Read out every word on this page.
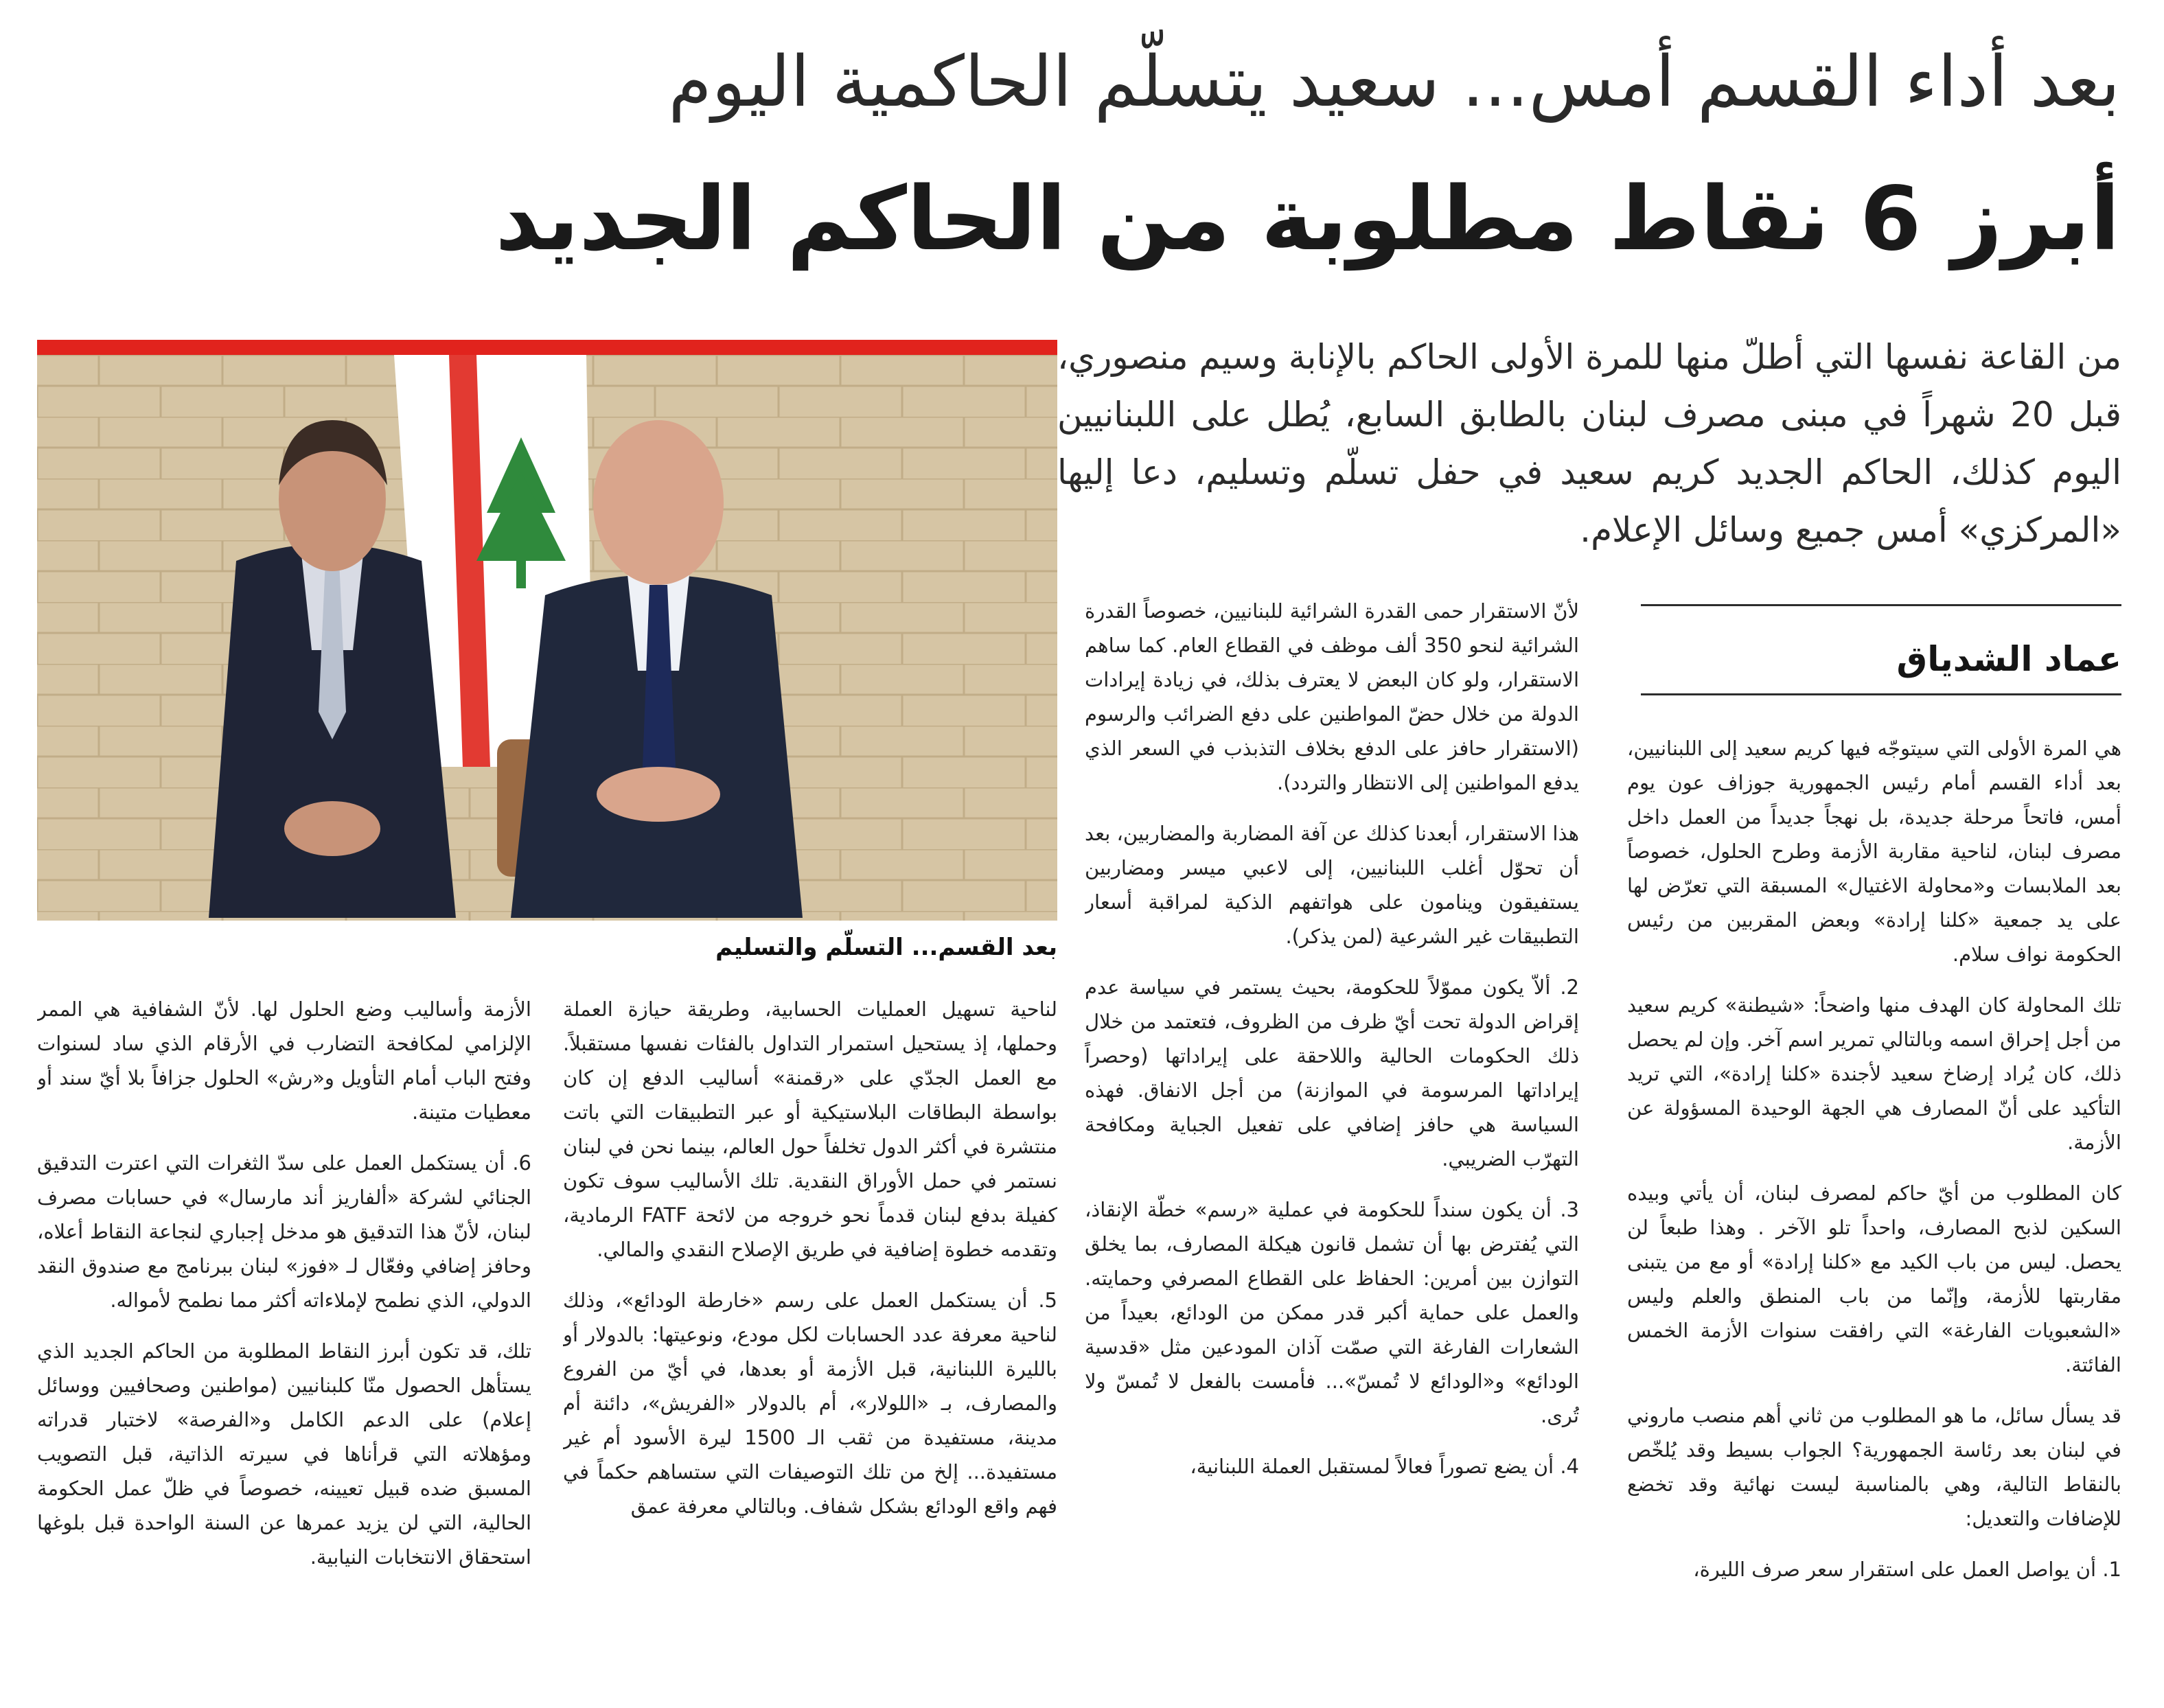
بعد أداء القسم أمس... سعيد يتسلّم الحاكمية اليوم
أبرز 6 نقاط مطلوبة من الحاكم الجديد
من القاعة نفسها التي أطلّ منها للمرة الأولى الحاكم بالإنابة وسيم منصوري، قبل 20 شهراً في مبنى مصرف لبنان بالطابق السابع، يُطل على اللبنانيين اليوم كذلك، الحاكم الجديد كريم سعيد في حفل تسلّم وتسليم، دعا إليها «المركزي» أمس جميع وسائل الإعلام.
بعد القسم... التسلّم والتسليم
عماد الشدياق

هي المرة الأولى التي سيتوجّه فيها كريم سعيد إلى اللبنانيين، بعد أداء القسم أمام رئيس الجمهورية جوزاف عون يوم أمس، فاتحاً مرحلة جديدة، بل نهجاً جديداً من العمل داخل مصرف لبنان، لناحية مقاربة الأزمة وطرح الحلول، خصوصاً بعد الملابسات و«محاولة الاغتيال» المسبقة التي تعرّض لها على يد جمعية «كلنا إرادة» وبعض المقربين من رئيس الحكومة نواف سلام.

تلك المحاولة كان الهدف منها واضحاً: «شيطنة» كريم سعيد من أجل إحراق اسمه وبالتالي تمرير اسم آخر. وإن لم يحصل ذلك، كان يُراد إرضاخ سعيد لأجندة «كلنا إرادة»، التي تريد التأكيد على أنّ المصارف هي الجهة الوحيدة المسؤولة عن الأزمة.

كان المطلوب من أيّ حاكم لمصرف لبنان، أن يأتي وبيده السكين لذبح المصارف، واحداً تلو الآخر . وهذا طبعاً لن يحصل. ليس من باب الكيد مع «كلنا إرادة» أو مع من يتبنى مقاربتها للأزمة، وإنّما من باب المنطق والعلم وليس «الشعبويات الفارغة» التي رافقت سنوات الأزمة الخمس الفائتة.

قد يسأل سائل، ما هو المطلوب من ثاني أهم منصب ماروني في لبنان بعد رئاسة الجمهورية؟ الجواب بسيط وقد يُلخّص بالنقاط التالية، وهي بالمناسبة ليست نهائية وقد تخضع للإضافات والتعديل:

1. أن يواصل العمل على استقرار سعر صرف الليرة،

لأنّ الاستقرار حمى القدرة الشرائية للبنانيين، خصوصاً القدرة الشرائية لنحو 350 ألف موظف في القطاع العام. كما ساهم الاستقرار، ولو كان البعض لا يعترف بذلك، في زيادة إيرادات الدولة من خلال حضّ المواطنين على دفع الضرائب والرسوم (الاستقرار حافز على الدفع بخلاف التذبذب في السعر الذي يدفع المواطنين إلى الانتظار والتردد).

هذا الاستقرار، أبعدنا كذلك عن آفة المضاربة والمضاربين، بعد أن تحوّل أغلب اللبنانيين، إلى لاعبي ميسر ومضاربين يستفيقون وينامون على هواتفهم الذكية لمراقبة أسعار التطبيقات غير الشرعية (لمن يذكر).

2. ألاّ يكون مموّلاً للحكومة، بحيث يستمر في سياسة عدم إقراض الدولة تحت أيّ ظرف من الظروف، فتعتمد من خلال ذلك الحكومات الحالية واللاحقة على إيراداتها (وحصراً إيراداتها المرسومة في الموازنة) من أجل الانفاق. فهذه السياسة هي حافز إضافي على تفعيل الجباية ومكافحة التهرّب الضريبي.

3. أن يكون سنداً للحكومة في عملية «رسم» خطّة الإنقاذ، التي يُفترض بها أن تشمل قانون هيكلة المصارف، بما يخلق التوازن بين أمرين: الحفاظ على القطاع المصرفي وحمايته. والعمل على حماية أكبر قدر ممكن من الودائع، بعيداً من الشعارات الفارغة التي صمّت آذان المودعين مثل «قدسية الودائع» و«الودائع لا تُمسّ»... فأمست بالفعل لا تُمسّ ولا تُرى.

4. أن يضع تصوراً فعالاً لمستقبل العملة اللبنانية،

لناحية تسهيل العمليات الحسابية، وطريقة حيازة العملة وحملها، إذ يستحيل استمرار التداول بالفئات نفسها مستقبلاً. مع العمل الجدّي على «رقمنة» أساليب الدفع إن كان بواسطة البطاقات البلاستيكية أو عبر التطبيقات التي باتت منتشرة في أكثر الدول تخلفاً حول العالم، بينما نحن في لبنان نستمر في حمل الأوراق النقدية. تلك الأساليب سوف تكون كفيلة بدفع لبنان قدماً نحو خروجه من لائحة FATF الرمادية، وتقدمه خطوة إضافية في طريق الإصلاح النقدي والمالي.

5. أن يستكمل العمل على رسم «خارطة الودائع»، وذلك لناحية معرفة عدد الحسابات لكل مودع، ونوعيتها: بالدولار أو بالليرة اللبنانية، قبل الأزمة أو بعدها، في أيّ من الفروع والمصارف، بـ «اللولار»، أم بالدولار «الفريش»، دائنة أم مدينة، مستفيدة من ثقب الـ 1500 ليرة الأسود أم غير مستفيدة... إلخ من تلك التوصيفات التي ستساهم حكماً في فهم واقع الودائع بشكل شفاف. وبالتالي معرفة عمق

الأزمة وأساليب وضع الحلول لها. لأنّ الشفافية هي الممر الإلزامي لمكافحة التضارب في الأرقام الذي ساد لسنوات وفتح الباب أمام التأويل و«رش» الحلول جزافاً بلا أيّ سند أو معطيات متينة.

6. أن يستكمل العمل على سدّ الثغرات التي اعترت التدقيق الجنائي لشركة «ألفاريز أند مارسال» في حسابات مصرف لبنان، لأنّ هذا التدقيق هو مدخل إجباري لنجاعة النقاط أعلاه، وحافز إضافي وفعّال لـ «فوز» لبنان ببرنامج مع صندوق النقد الدولي، الذي نطمح لإملاءاته أكثر مما نطمح لأمواله.

تلك، قد تكون أبرز النقاط المطلوبة من الحاكم الجديد الذي يستأهل الحصول منّا كلبنانيين (مواطنين وصحافيين ووسائل إعلام) على الدعم الكامل و«الفرصة» لاختبار قدراته ومؤهلاته التي قرأناها في سيرته الذاتية، قبل التصويب المسبق ضده قبيل تعيينه، خصوصاً في ظلّ عمل الحكومة الحالية، التي لن يزيد عمرها عن السنة الواحدة قبل بلوغها استحقاق الانتخابات النيابية.
